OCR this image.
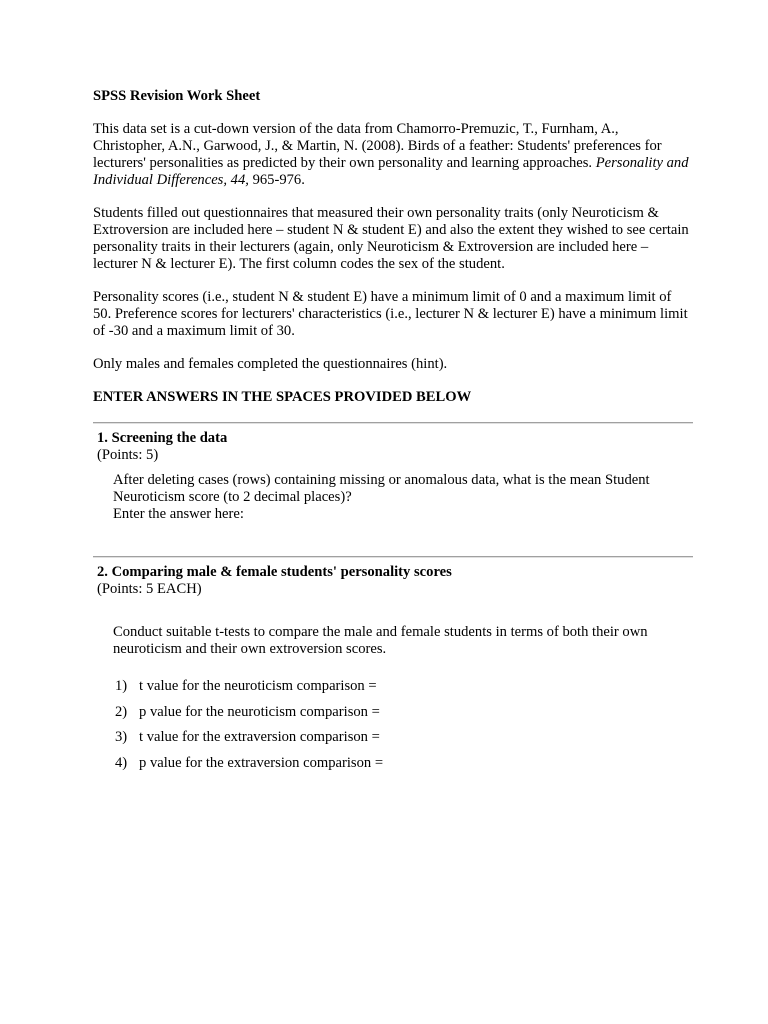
SPSS Revision Work Sheet

This data set is a cut-down version of the data from Chamorro-Premuzic, T., Furnham, A., Christopher, A.N., Garwood, J., & Martin, N. (2008). Birds of a feather: Students' preferences for lecturers' personalities as predicted by their own personality and learning approaches. Personality and Individual Differences, 44, 965-976.

Students filled out questionnaires that measured their own personality traits (only Neuroticism & Extroversion are included here – student N & student E) and also the extent they wished to see certain personality traits in their lecturers (again, only Neuroticism & Extroversion are included here – lecturer N & lecturer E). The first column codes the sex of the student.

Personality scores (i.e., student N & student E) have a minimum limit of 0 and a maximum limit of 50. Preference scores for lecturers' characteristics (i.e., lecturer N & lecturer E) have a minimum limit of -30 and a maximum limit of 30.

Only males and females completed the questionnaires (hint).

ENTER ANSWERS IN THE SPACES PROVIDED BELOW
1. Screening the data
(Points: 5)
After deleting cases (rows) containing missing or anomalous data, what is the mean Student Neuroticism score (to 2 decimal places)?
Enter the answer here:
2. Comparing male & female students' personality scores
(Points: 5 EACH)
Conduct suitable t-tests to compare the male and female students in terms of both their own neuroticism and their own extroversion scores.
1) t value for the neuroticism comparison =
2) p value for the neuroticism comparison =
3) t value for the extraversion comparison =
4) p value for the extraversion comparison =
